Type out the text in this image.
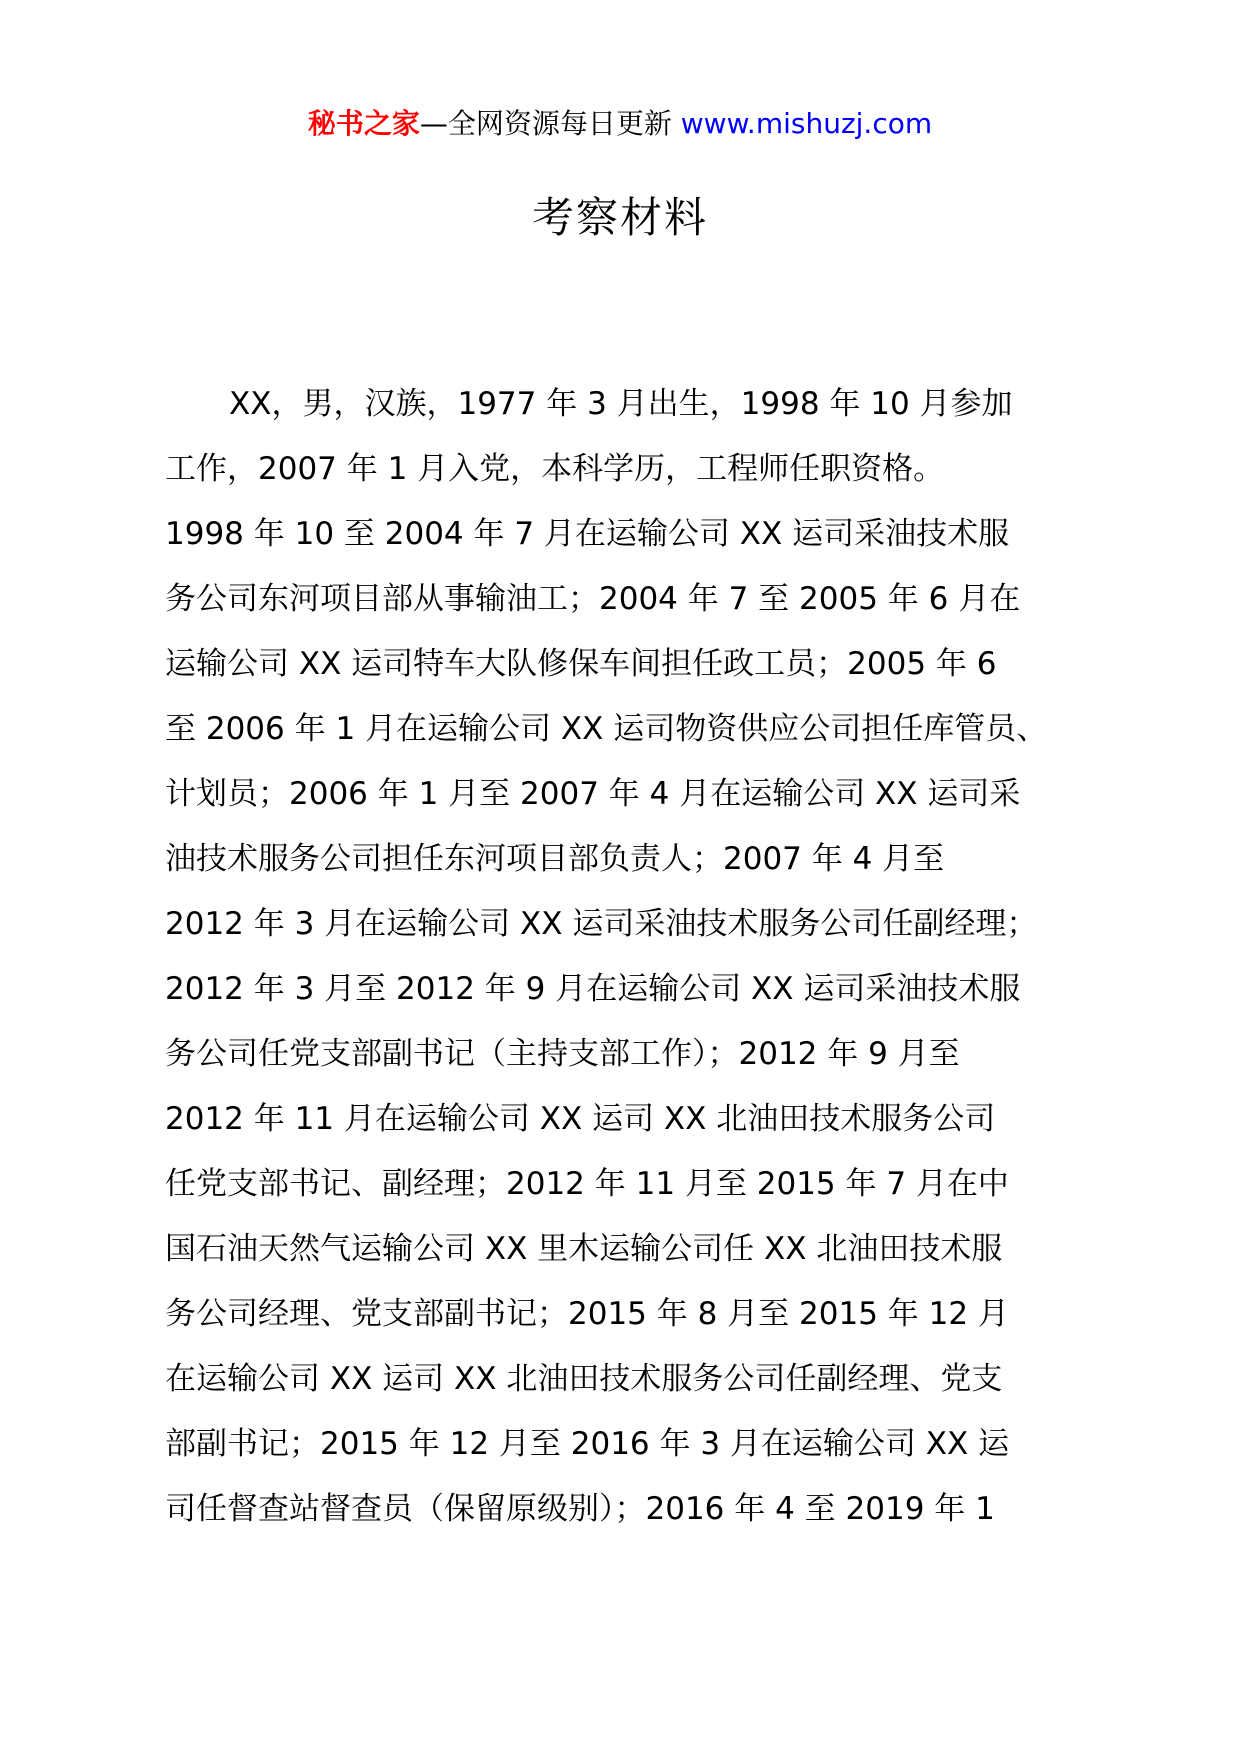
秘书之家—全网资源每日更新 www.mishuzj.com
考察材料
XX，男，汉族，1977 年 3 月出生，1998 年 10 月参加
工作，2007 年 1 月入党，本科学历，工程师任职资格。
1998 年 10 至 2004 年 7 月在运输公司 XX 运司采油技术服
务公司东河项目部从事输油工；2004 年 7 至 2005 年 6 月在
运输公司 XX 运司特车大队修保车间担任政工员；2005 年 6
至 2006 年 1 月在运输公司 XX 运司物资供应公司担任库管员、
计划员；2006 年 1 月至 2007 年 4 月在运输公司 XX 运司采
油技术服务公司担任东河项目部负责人；2007 年 4 月至
2012 年 3 月在运输公司 XX 运司采油技术服务公司任副经理；
2012 年 3 月至 2012 年 9 月在运输公司 XX 运司采油技术服
务公司任党支部副书记（主持支部工作）；2012 年 9 月至
2012 年 11 月在运输公司 XX 运司 XX 北油田技术服务公司
任党支部书记、副经理；2012 年 11 月至 2015 年 7 月在中
国石油天然气运输公司 XX 里木运输公司任 XX 北油田技术服
务公司经理、党支部副书记；2015 年 8 月至 2015 年 12 月
在运输公司 XX 运司 XX 北油田技术服务公司任副经理、党支
部副书记；2015 年 12 月至 2016 年 3 月在运输公司 XX 运
司任督查站督查员（保留原级别）；2016 年 4 至 2019 年 1
